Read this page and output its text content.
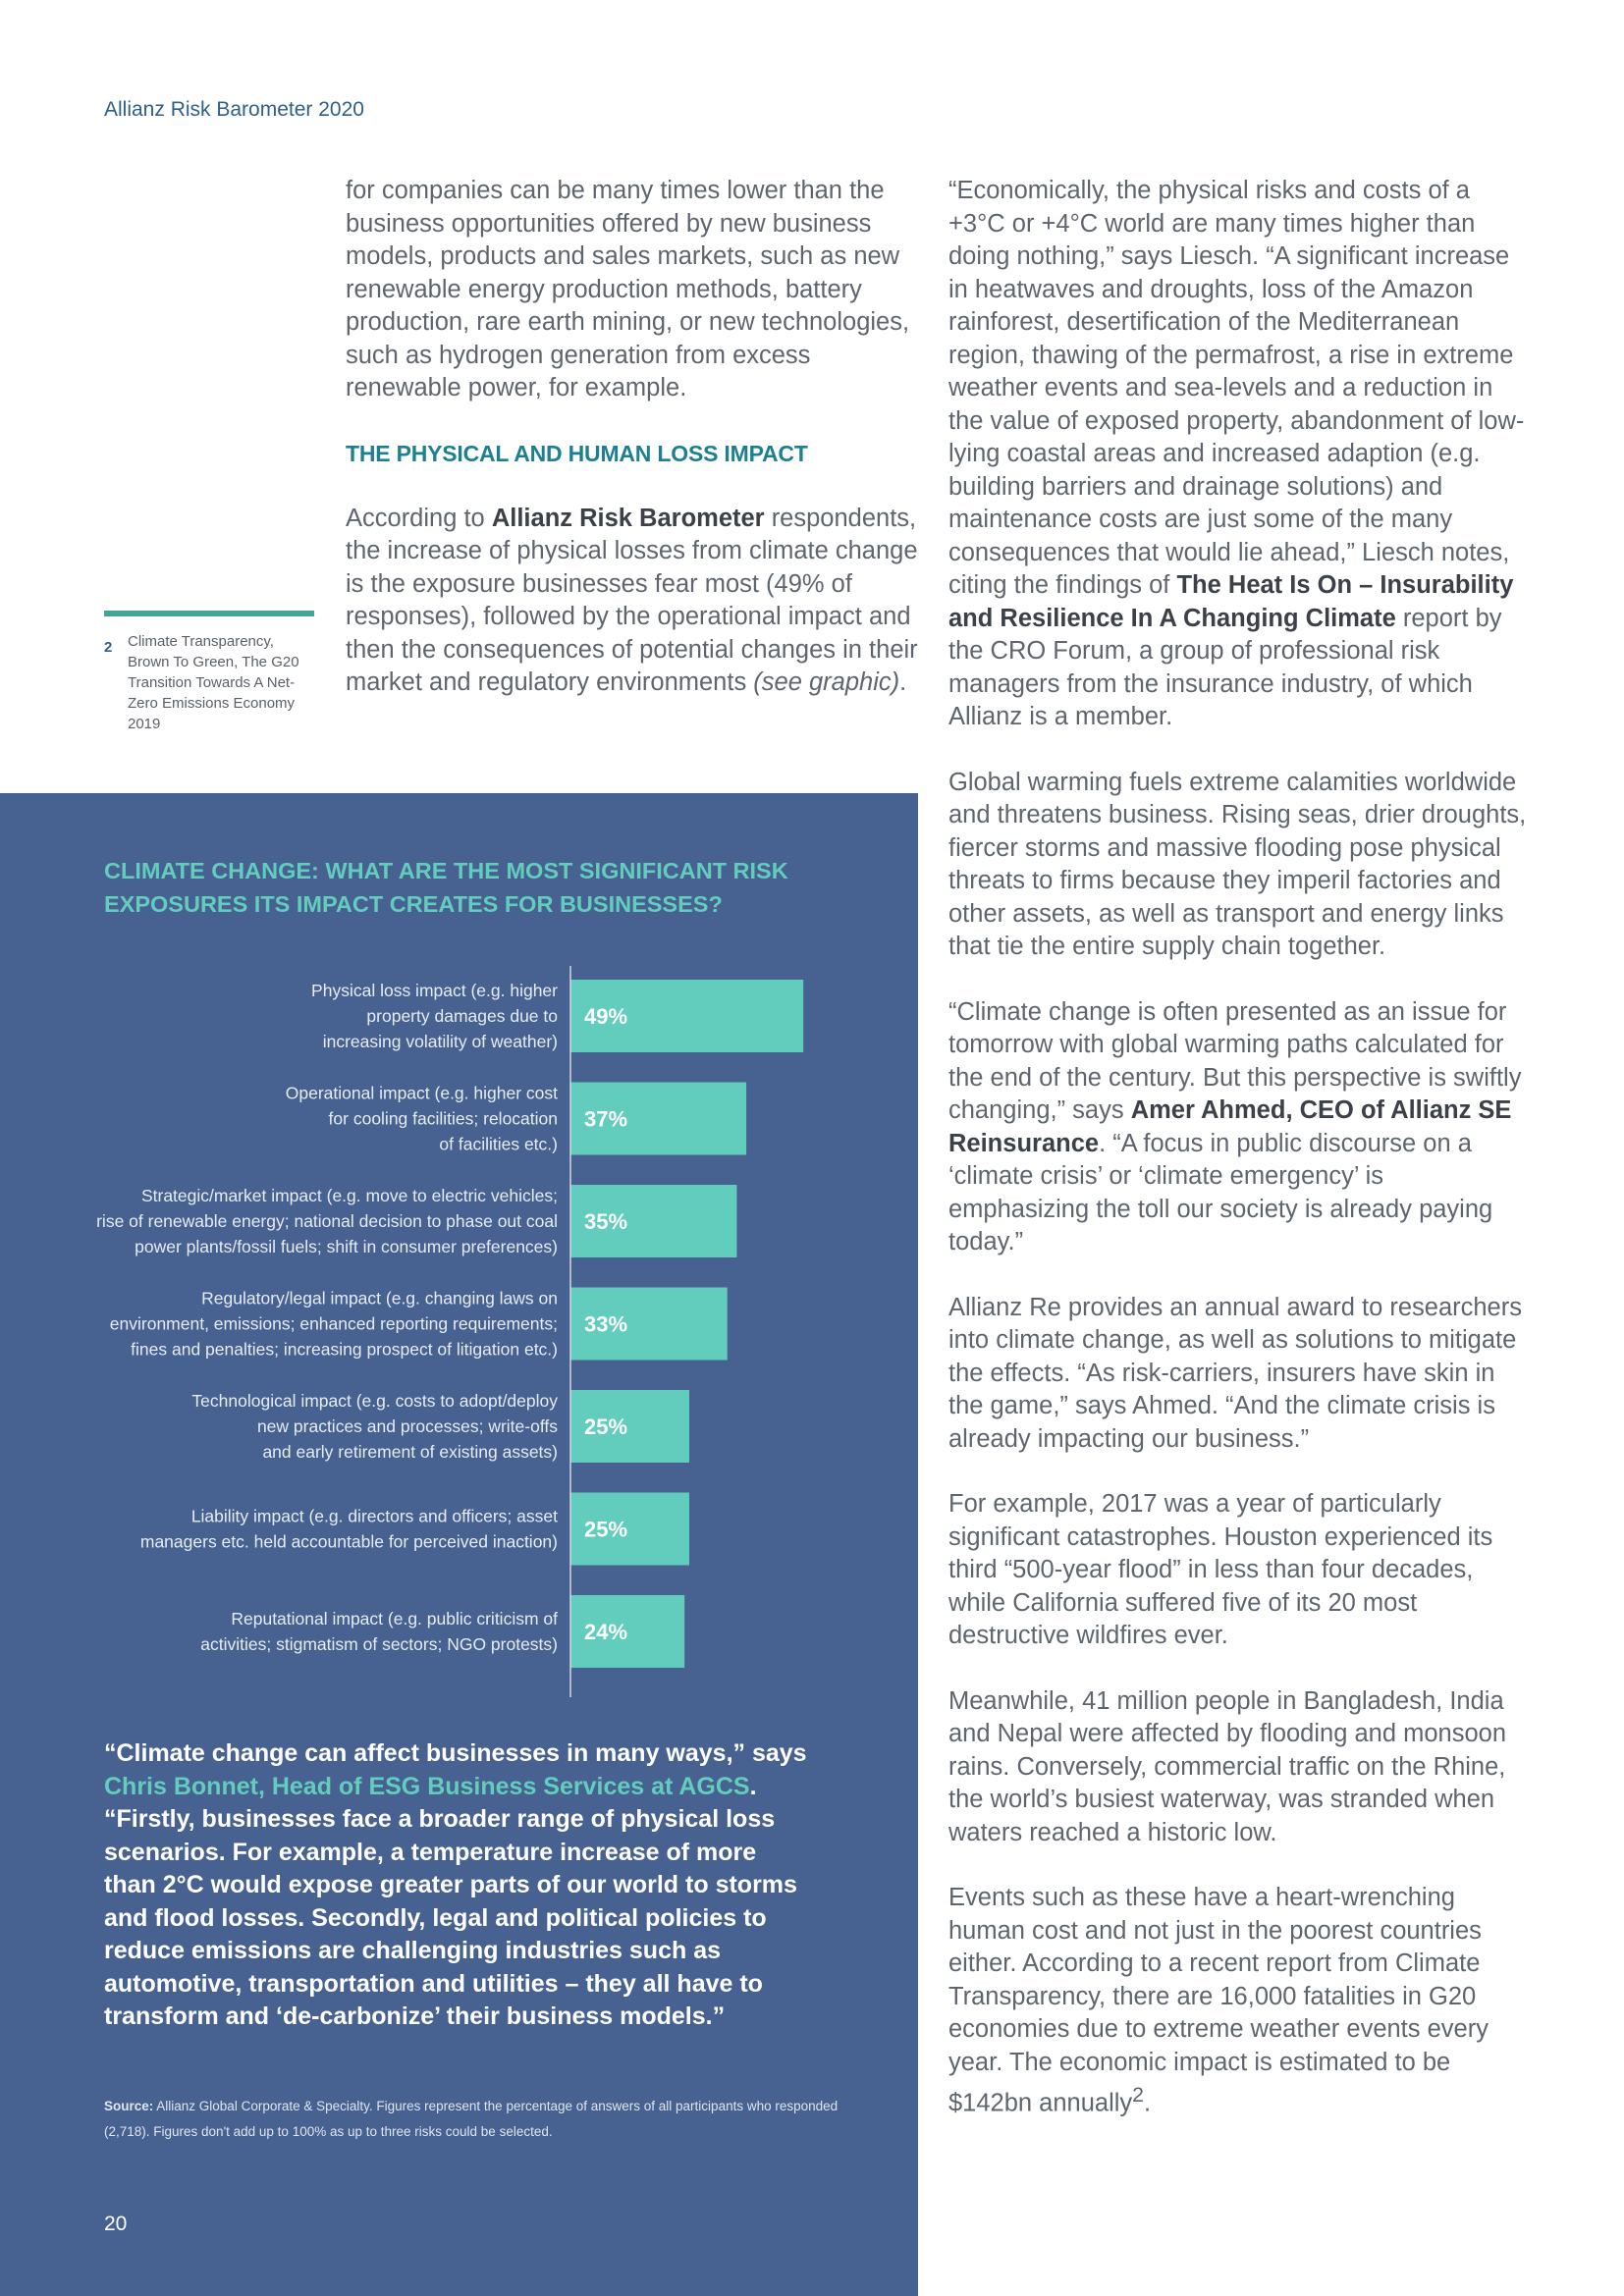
Allianz Risk Barometer 2020

for companies can be many times lower than the business opportunities offered by new business models, products and sales markets, such as new renewable energy production methods, battery production, rare earth mining, or new technologies, such as hydrogen generation from excess renewable power, for example.

THE PHYSICAL AND HUMAN LOSS IMPACT

According to Allianz Risk Barometer respondents, the increase of physical losses from climate change is the exposure businesses fear most (49% of responses), followed by the operational impact and then the consequences of potential changes in their market and regulatory environments (see graphic).

2 Climate Transparency, Brown To Green, The G20 Transition Towards A Net-Zero Emissions Economy 2019

“Economically, the physical risks and costs of a +3°C or +4°C world are many times higher than doing nothing,” says Liesch. “A significant increase in heatwaves and droughts, loss of the Amazon rainforest, desertification of the Mediterranean region, thawing of the permafrost, a rise in extreme weather events and sea-levels and a reduction in the value of exposed property, abandonment of low-lying coastal areas and increased adaption (e.g. building barriers and drainage solutions) and maintenance costs are just some of the many consequences that would lie ahead,” Liesch notes, citing the findings of The Heat Is On – Insurability and Resilience In A Changing Climate report by the CRO Forum, a group of professional risk managers from the insurance industry, of which Allianz is a member.

Global warming fuels extreme calamities worldwide and threatens business. Rising seas, drier droughts, fiercer storms and massive flooding pose physical threats to firms because they imperil factories and other assets, as well as transport and energy links that tie the entire supply chain together.

“Climate change is often presented as an issue for tomorrow with global warming paths calculated for the end of the century. But this perspective is swiftly changing,” says Amer Ahmed, CEO of Allianz SE Reinsurance. “A focus in public discourse on a ‘climate crisis’ or ‘climate emergency’ is emphasizing the toll our society is already paying today.”

Allianz Re provides an annual award to researchers into climate change, as well as solutions to mitigate the effects. “As risk-carriers, insurers have skin in the game,” says Ahmed. “And the climate crisis is already impacting our business.”

For example, 2017 was a year of particularly significant catastrophes. Houston experienced its third “500-year flood” in less than four decades, while California suffered five of its 20 most destructive wildfires ever.

Meanwhile, 41 million people in Bangladesh, India and Nepal were affected by flooding and monsoon rains. Conversely, commercial traffic on the Rhine, the world’s busiest waterway, was stranded when waters reached a historic low.

Events such as these have a heart-wrenching human cost and not just in the poorest countries either. According to a recent report from Climate Transparency, there are 16,000 fatalities in G20 economies due to extreme weather events every year. The economic impact is estimated to be $142bn annually$^2$.

CLIMATE CHANGE: WHAT ARE THE MOST SIGNIFICANT RISK EXPOSURES ITS IMPACT CREATES FOR BUSINESSES?
49%
Physical loss impact (e.g. higher property damages due to increasing volatility of weather)
37%
Operational impact (e.g. higher cost for cooling facilities; relocation of facilities etc.)
35%
Strategic/market impact (e.g. move to electric vehicles; rise of renewable energy; national decision to phase out coal power plants/fossil fuels; shift in consumer preferences)
33%
Regulatory/legal impact (e.g. changing laws on environment, emissions; enhanced reporting requirements; fines and penalties; increasing prospect of litigation etc.)
25%
Technological impact (e.g. costs to adopt/deploy new practices and processes; write-offs and early retirement of existing assets)
25%
Liability impact (e.g. directors and officers; asset managers etc. held accountable for perceived inaction)
24%
Reputational impact (e.g. public criticism of activities; stigmatism of sectors; NGO protests)
“Climate change can affect businesses in many ways,” says Chris Bonnet, Head of ESG Business Services at AGCS. “Firstly, businesses face a broader range of physical loss scenarios. For example, a temperature increase of more than 2°C would expose greater parts of our world to storms and flood losses. Secondly, legal and political policies to reduce emissions are challenging industries such as automotive, transportation and utilities – they all have to transform and ‘de-carbonize’ their business models.”
Source: Allianz Global Corporate & Specialty. Figures represent the percentage of answers of all participants who responded (2,718). Figures don't add up to 100% as up to three risks could be selected.
20
